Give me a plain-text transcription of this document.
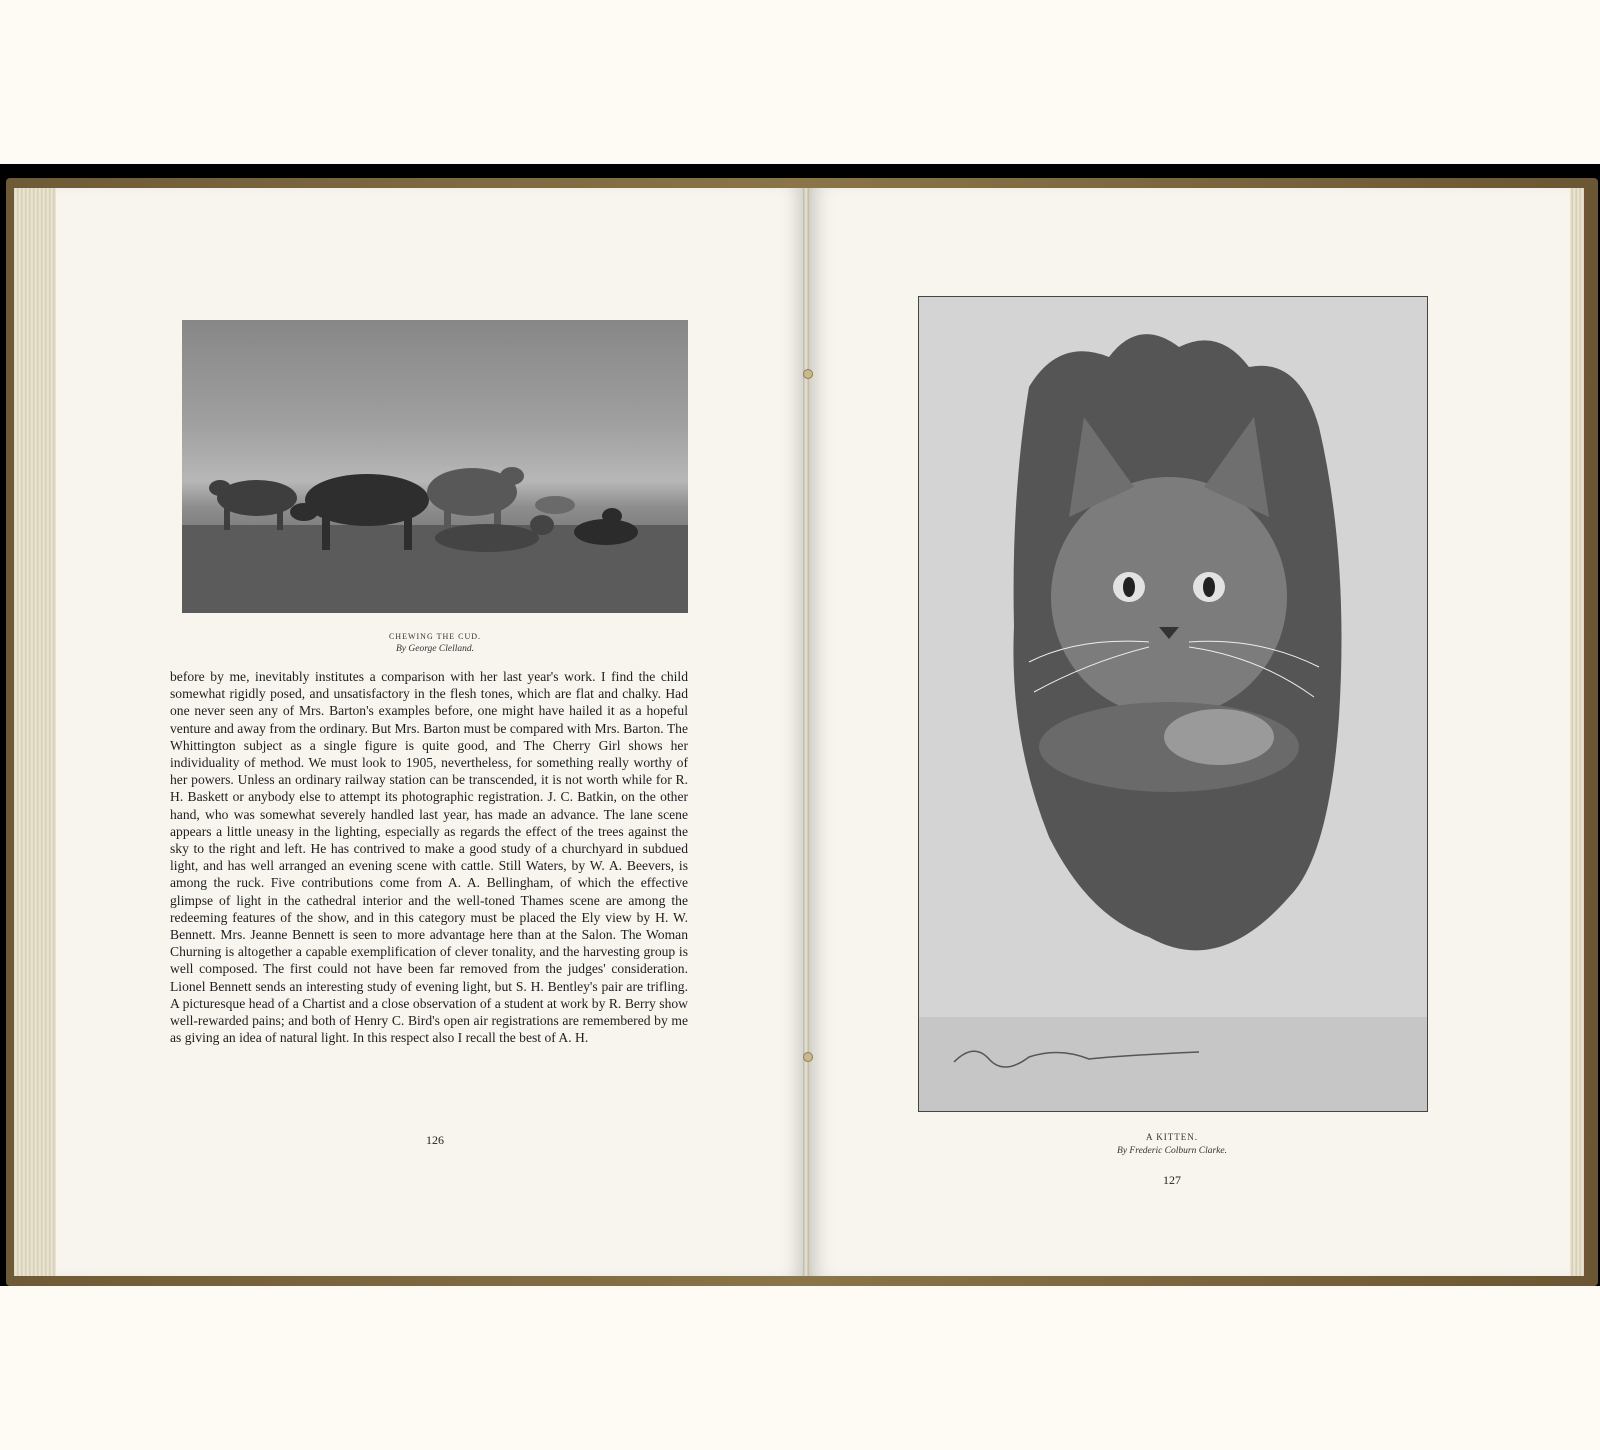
CHEWING THE CUD.
By George Clelland.

before by me, inevitably institutes a comparison with her last year's work. I find the child somewhat rigidly posed, and unsatisfactory in the flesh tones, which are flat and chalky. Had one never seen any of Mrs. Barton's examples before, one might have hailed it as a hopeful venture and away from the ordinary. But Mrs. Barton must be compared with Mrs. Barton. The Whittington subject as a single figure is quite good, and The Cherry Girl shows her individuality of method. We must look to 1905, nevertheless, for something really worthy of her powers. Unless an ordinary railway station can be transcended, it is not worth while for R. H. Baskett or anybody else to attempt its photographic registration. J. C. Batkin, on the other hand, who was somewhat severely handled last year, has made an advance. The lane scene appears a little uneasy in the lighting, especially as regards the effect of the trees against the sky to the right and left. He has contrived to make a good study of a churchyard in subdued light, and has well arranged an evening scene with cattle. Still Waters, by W. A. Beevers, is among the ruck. Five contributions come from A. A. Bellingham, of which the effective glimpse of light in the cathedral interior and the well-toned Thames scene are among the redeeming features of the show, and in this category must be placed the Ely view by H. W. Bennett. Mrs. Jeanne Bennett is seen to more advantage here than at the Salon. The Woman Churning is altogether a capable exemplification of clever tonality, and the harvesting group is well composed. The first could not have been far removed from the judges' consideration. Lionel Bennett sends an interesting study of evening light, but S. H. Bentley's pair are trifling. A picturesque head of a Chartist and a close observation of a student at work by R. Berry show well-rewarded pains; and both of Henry C. Bird's open air registrations are remembered by me as giving an idea of natural light. In this respect also I recall the best of A. H.

126	A KITTEN.
By Frederic Colburn Clarke.
127
